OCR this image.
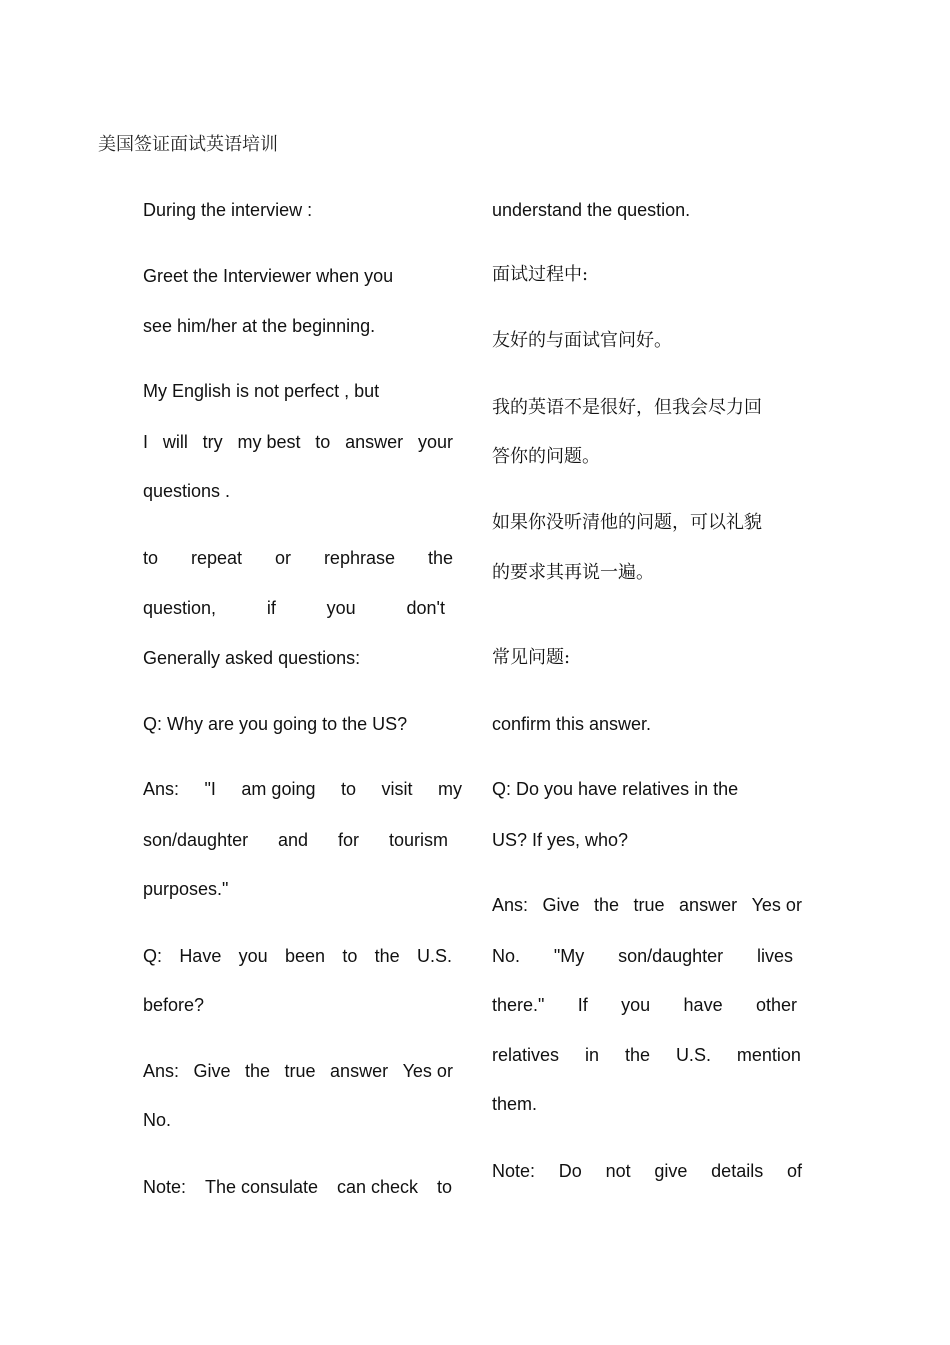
美国签证面试英语培训
During the interview :
Greet the Interviewer when you
see him/her at the beginning.
My English is not perfect , but
I will try my best to answer your
questions .
to repeat or rephrase the
question,	if	you	don't
Generally asked questions:
Q: Why are you going to the US?
Ans: "I am going to visit my
son/daughter and for tourism
purposes."
Q: Have you been to the U.S.
before?
Ans: Give the true answer Yes or
No.
Note: The consulate can check to
understand the question.
面试过程中:
友好的与面试官问好。
我的英语不是很好，但我会尽力回
答你的问题。
如果你没听清他的问题，可以礼貌
的要求其再说一遍。
常见问题:
confirm this answer.
Q: Do you have relatives in the
US? If yes, who?
Ans: Give the true answer Yes or
No. "My son/daughter lives
there." If you have other
relatives in the U.S. mention
them.
Note: Do not give details of
